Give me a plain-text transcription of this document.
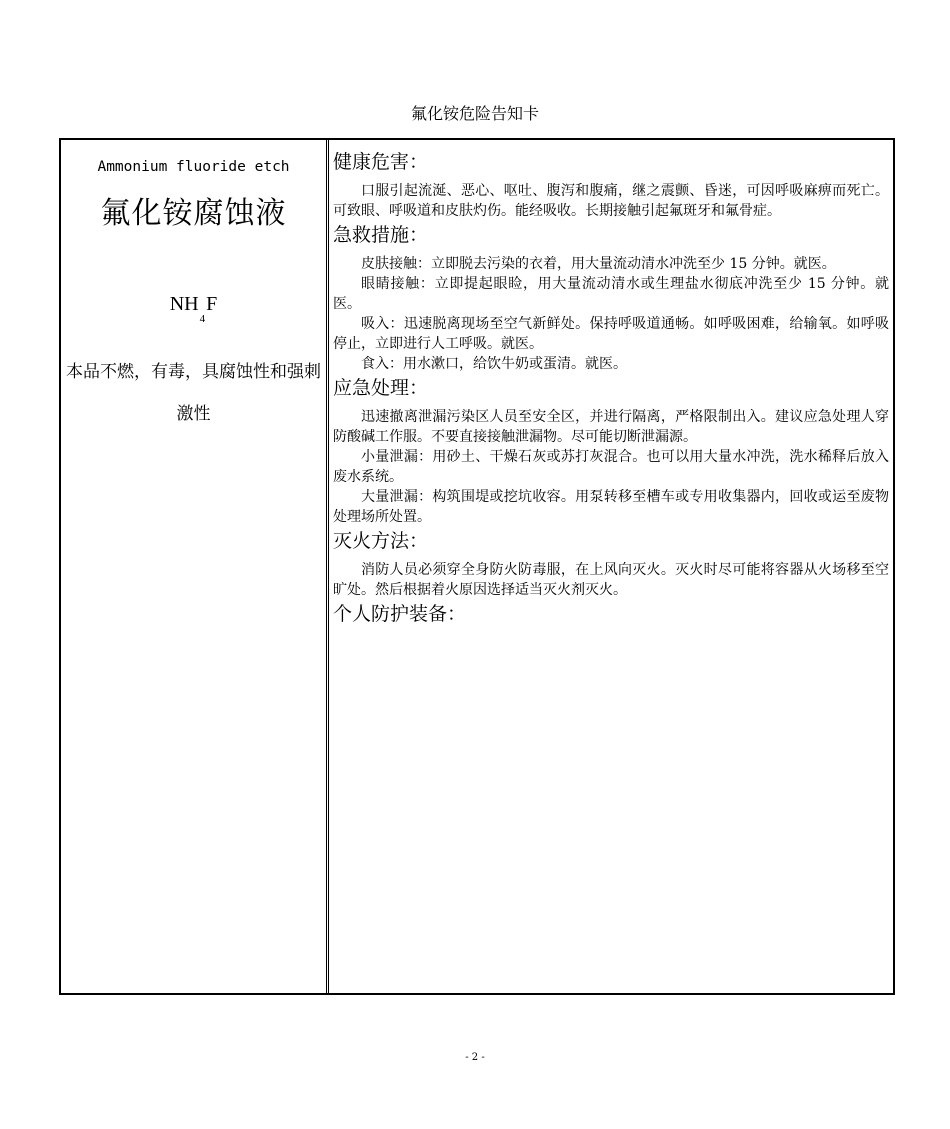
氟化铵危险告知卡
Ammonium fluoride etch
氟化铵腐蚀液
$NH_4F$
本品不燃，有毒，具腐蚀性和强刺激性
健康危害：

口服引起流涎、恶心、呕吐、腹泻和腹痛，继之震颤、昏迷，可因呼吸麻痹而死亡。可致眼、呼吸道和皮肤灼伤。能经吸收。长期接触引起氟斑牙和氟骨症。

急救措施：

皮肤接触：立即脱去污染的衣着，用大量流动清水冲洗至少 15 分钟。就医。

眼睛接触：立即提起眼睑，用大量流动清水或生理盐水彻底冲洗至少 15 分钟。就医。

吸入：迅速脱离现场至空气新鲜处。保持呼吸道通畅。如呼吸困难，给输氧。如呼吸停止，立即进行人工呼吸。就医。

食入：用水漱口，给饮牛奶或蛋清。就医。

应急处理：

迅速撤离泄漏污染区人员至安全区，并进行隔离，严格限制出入。建议应急处理人穿防酸碱工作服。不要直接接触泄漏物。尽可能切断泄漏源。

小量泄漏：用砂土、干燥石灰或苏打灰混合。也可以用大量水冲洗，洗水稀释后放入废水系统。

大量泄漏：构筑围堤或挖坑收容。用泵转移至槽车或专用收集器内，回收或运至废物处理场所处置。

灭火方法：

消防人员必须穿全身防火防毒服，在上风向灭火。灭火时尽可能将容器从火场移至空旷处。然后根据着火原因选择适当灭火剂灭火。

个人防护装备：
- 2 -
